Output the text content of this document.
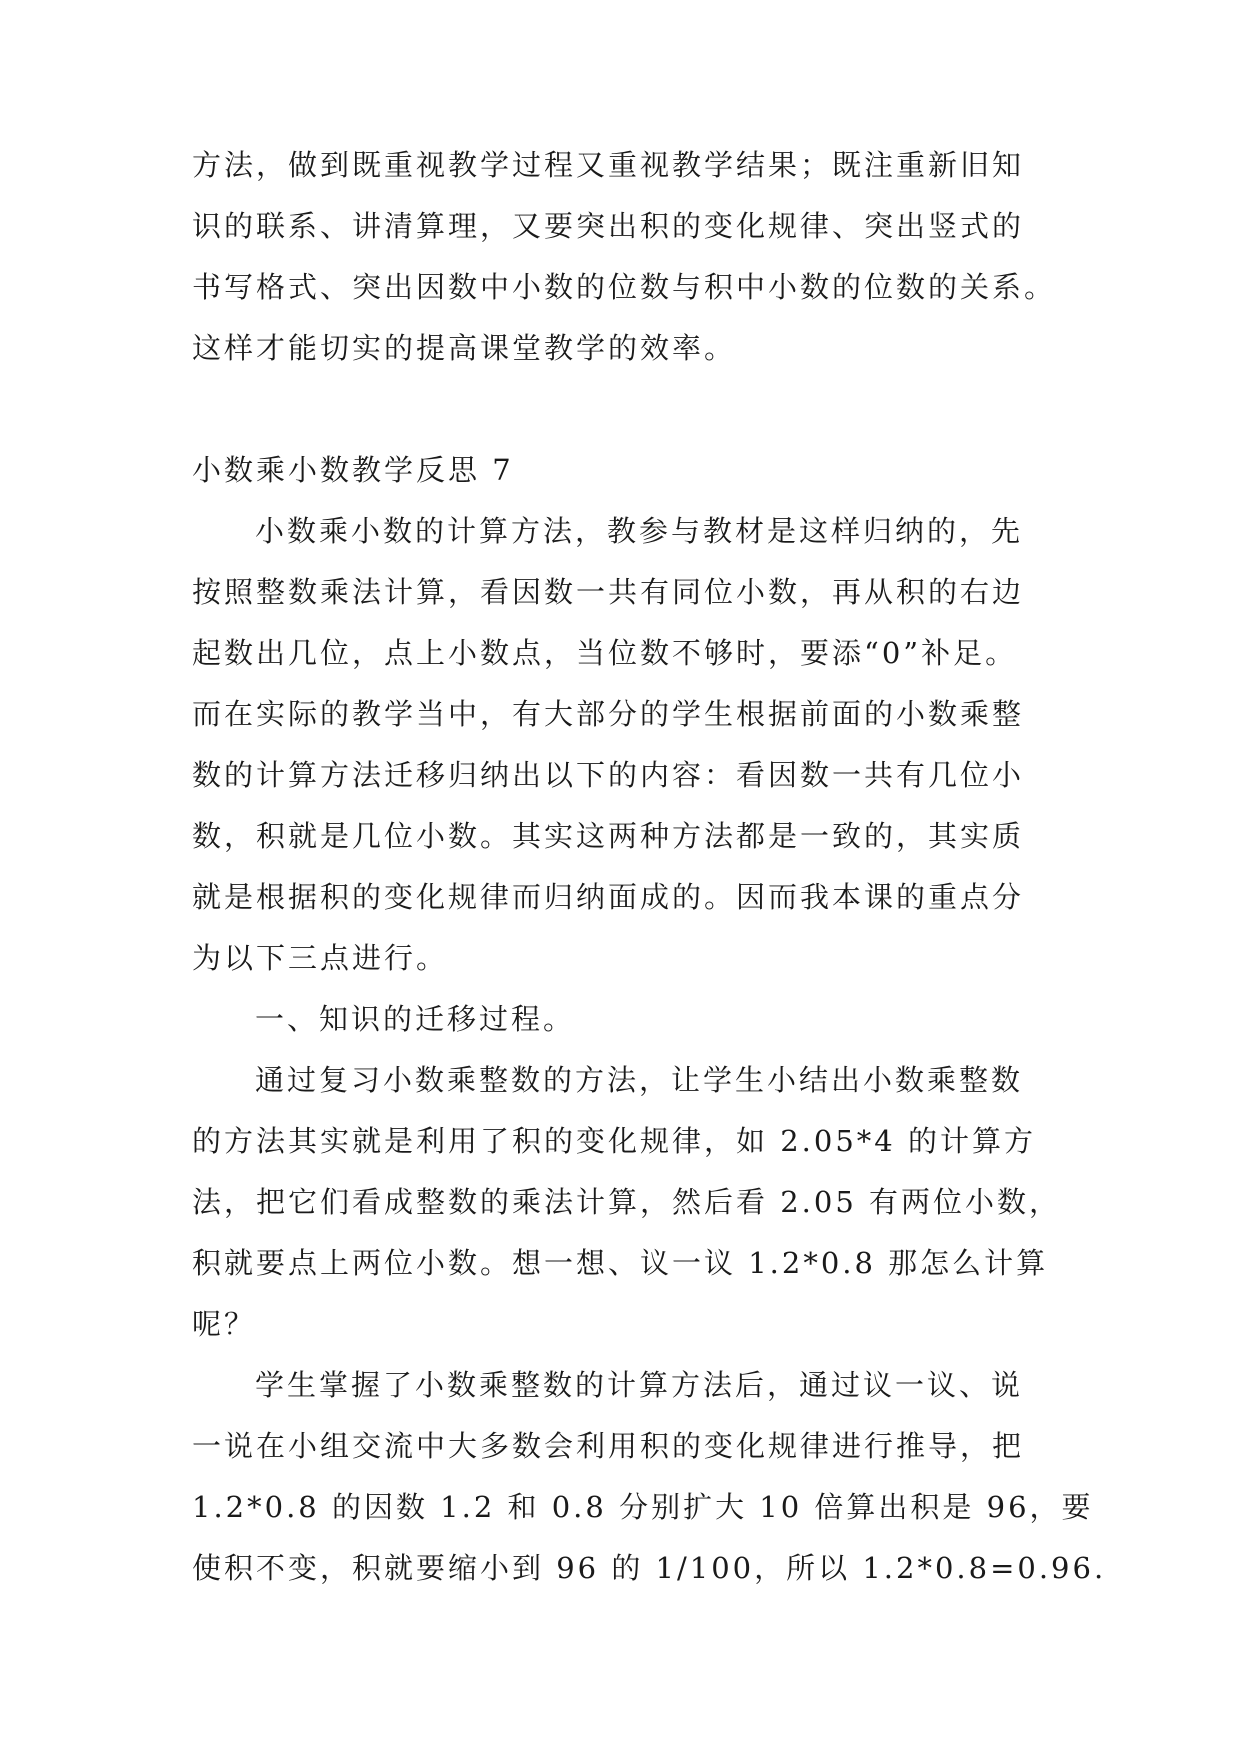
方法，做到既重视教学过程又重视教学结果；既注重新旧知
识的联系、讲清算理，又要突出积的变化规律、突出竖式的
书写格式、突出因数中小数的位数与积中小数的位数的关系。
这样才能切实的提高课堂教学的效率。
小数乘小数教学反思 7
小数乘小数的计算方法，教参与教材是这样归纳的，先
按照整数乘法计算，看因数一共有同位小数，再从积的右边
起数出几位，点上小数点，当位数不够时，要添“0”补足。
而在实际的教学当中，有大部分的学生根据前面的小数乘整
数的计算方法迁移归纳出以下的内容：看因数一共有几位小
数，积就是几位小数。其实这两种方法都是一致的，其实质
就是根据积的变化规律而归纳面成的。因而我本课的重点分
为以下三点进行。
一、知识的迁移过程。
通过复习小数乘整数的方法，让学生小结出小数乘整数
的方法其实就是利用了积的变化规律，如 2.05*4 的计算方
法，把它们看成整数的乘法计算，然后看 2.05 有两位小数，
积就要点上两位小数。想一想、议一议 1.2*0.8 那怎么计算
呢？
学生掌握了小数乘整数的计算方法后，通过议一议、说
一说在小组交流中大多数会利用积的变化规律进行推导，把
1.2*0.8 的因数 1.2 和 0.8 分别扩大 10 倍算出积是 96，要
使积不变，积就要缩小到 96 的 1/100，所以 1.2*0.8=0.96.
